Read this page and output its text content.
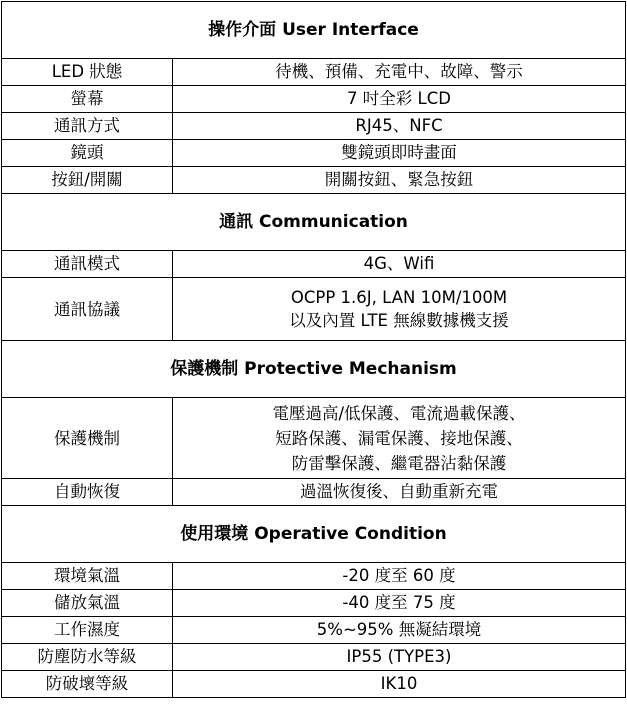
操作介面 User Interface	
LED 狀態	待機、預備、充電中、故障、警示
螢幕	7 吋全彩 LCD
通訊方式	RJ45、NFC
鏡頭	雙鏡頭即時畫面
按鈕/開關	開關按鈕、緊急按鈕
通訊 Communication	
通訊模式	4G、Wifi
通訊協議	OCPP 1.6J, LAN 10M/100M
以及內置 LTE 無線數據機支援

保護機制 Protective Mechanism	
保護機制	電壓過高/低保護、電流過載保護、
短路保護、漏電保護、接地保護、
防雷擊保護、繼電器沾黏保護

自動恢復	過溫恢復後、自動重新充電
使用環境 Operative Condition	
環境氣溫	-20 度至 60 度
儲放氣溫	-40 度至 75 度
工作濕度	5%~95% 無凝結環境
防塵防水等級	IP55 (TYPE3)
防破壞等級	IK10
